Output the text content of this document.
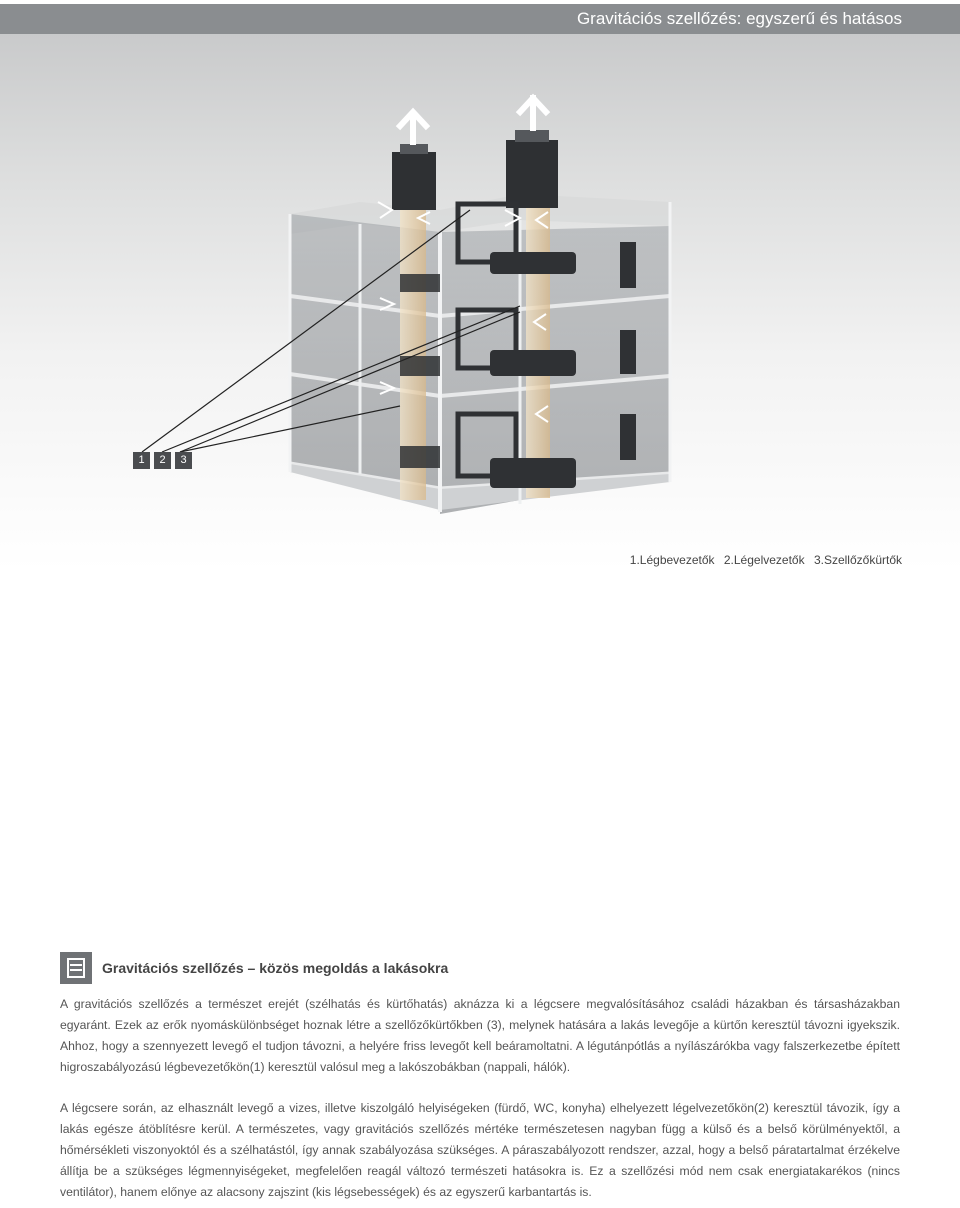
Gravitációs szellőzés: egyszerű és hatásos
1	2	3
1.Légbevezetők 2.Légelvezetők 3.Szellőzőkürtők
Gravitációs szellőzés – közös megoldás a lakásokra

A gravitációs szellőzés a természet erejét (szélhatás és kürtőhatás) aknázza ki a légcsere megvalósításához családi házakban és társasházakban egyaránt. Ezek az erők nyomáskülönbséget hoznak létre a szellőzőkürtőkben (3), melynek hatására a lakás levegője a kürtőn keresztül távozni igyekszik. Ahhoz, hogy a szennyezett levegő el tudjon távozni, a helyére friss levegőt kell beáramoltatni. A légutánpótlás a nyílászárókba vagy falszerkezetbe épített higroszabályozású légbevezetőkön(1) keresztül valósul meg a lakószobákban (nappali, hálók).

A légcsere során, az elhasznált levegő a vizes, illetve kiszolgáló helyiségeken (fürdő, WC, konyha) elhelyezett légelvezetőkön(2) keresztül távozik, így a lakás egésze átöblítésre kerül. A természetes, vagy gravitációs szellőzés mértéke természetesen nagyban függ a külső és a belső körülményektől, a hőmérsékleti viszonyoktól és a szélhatástól, így annak szabályozása szükséges. A páraszabályozott rendszer, azzal, hogy a belső páratartalmat érzékelve állítja be a szükséges légmennyiségeket, megfelelően reagál változó természeti hatásokra is. Ez a szellőzési mód nem csak energiatakarékos (nincs ventilátor), hanem előnye az alacsony zajszint (kis légsebességek) és az egyszerű karbantartás is.
